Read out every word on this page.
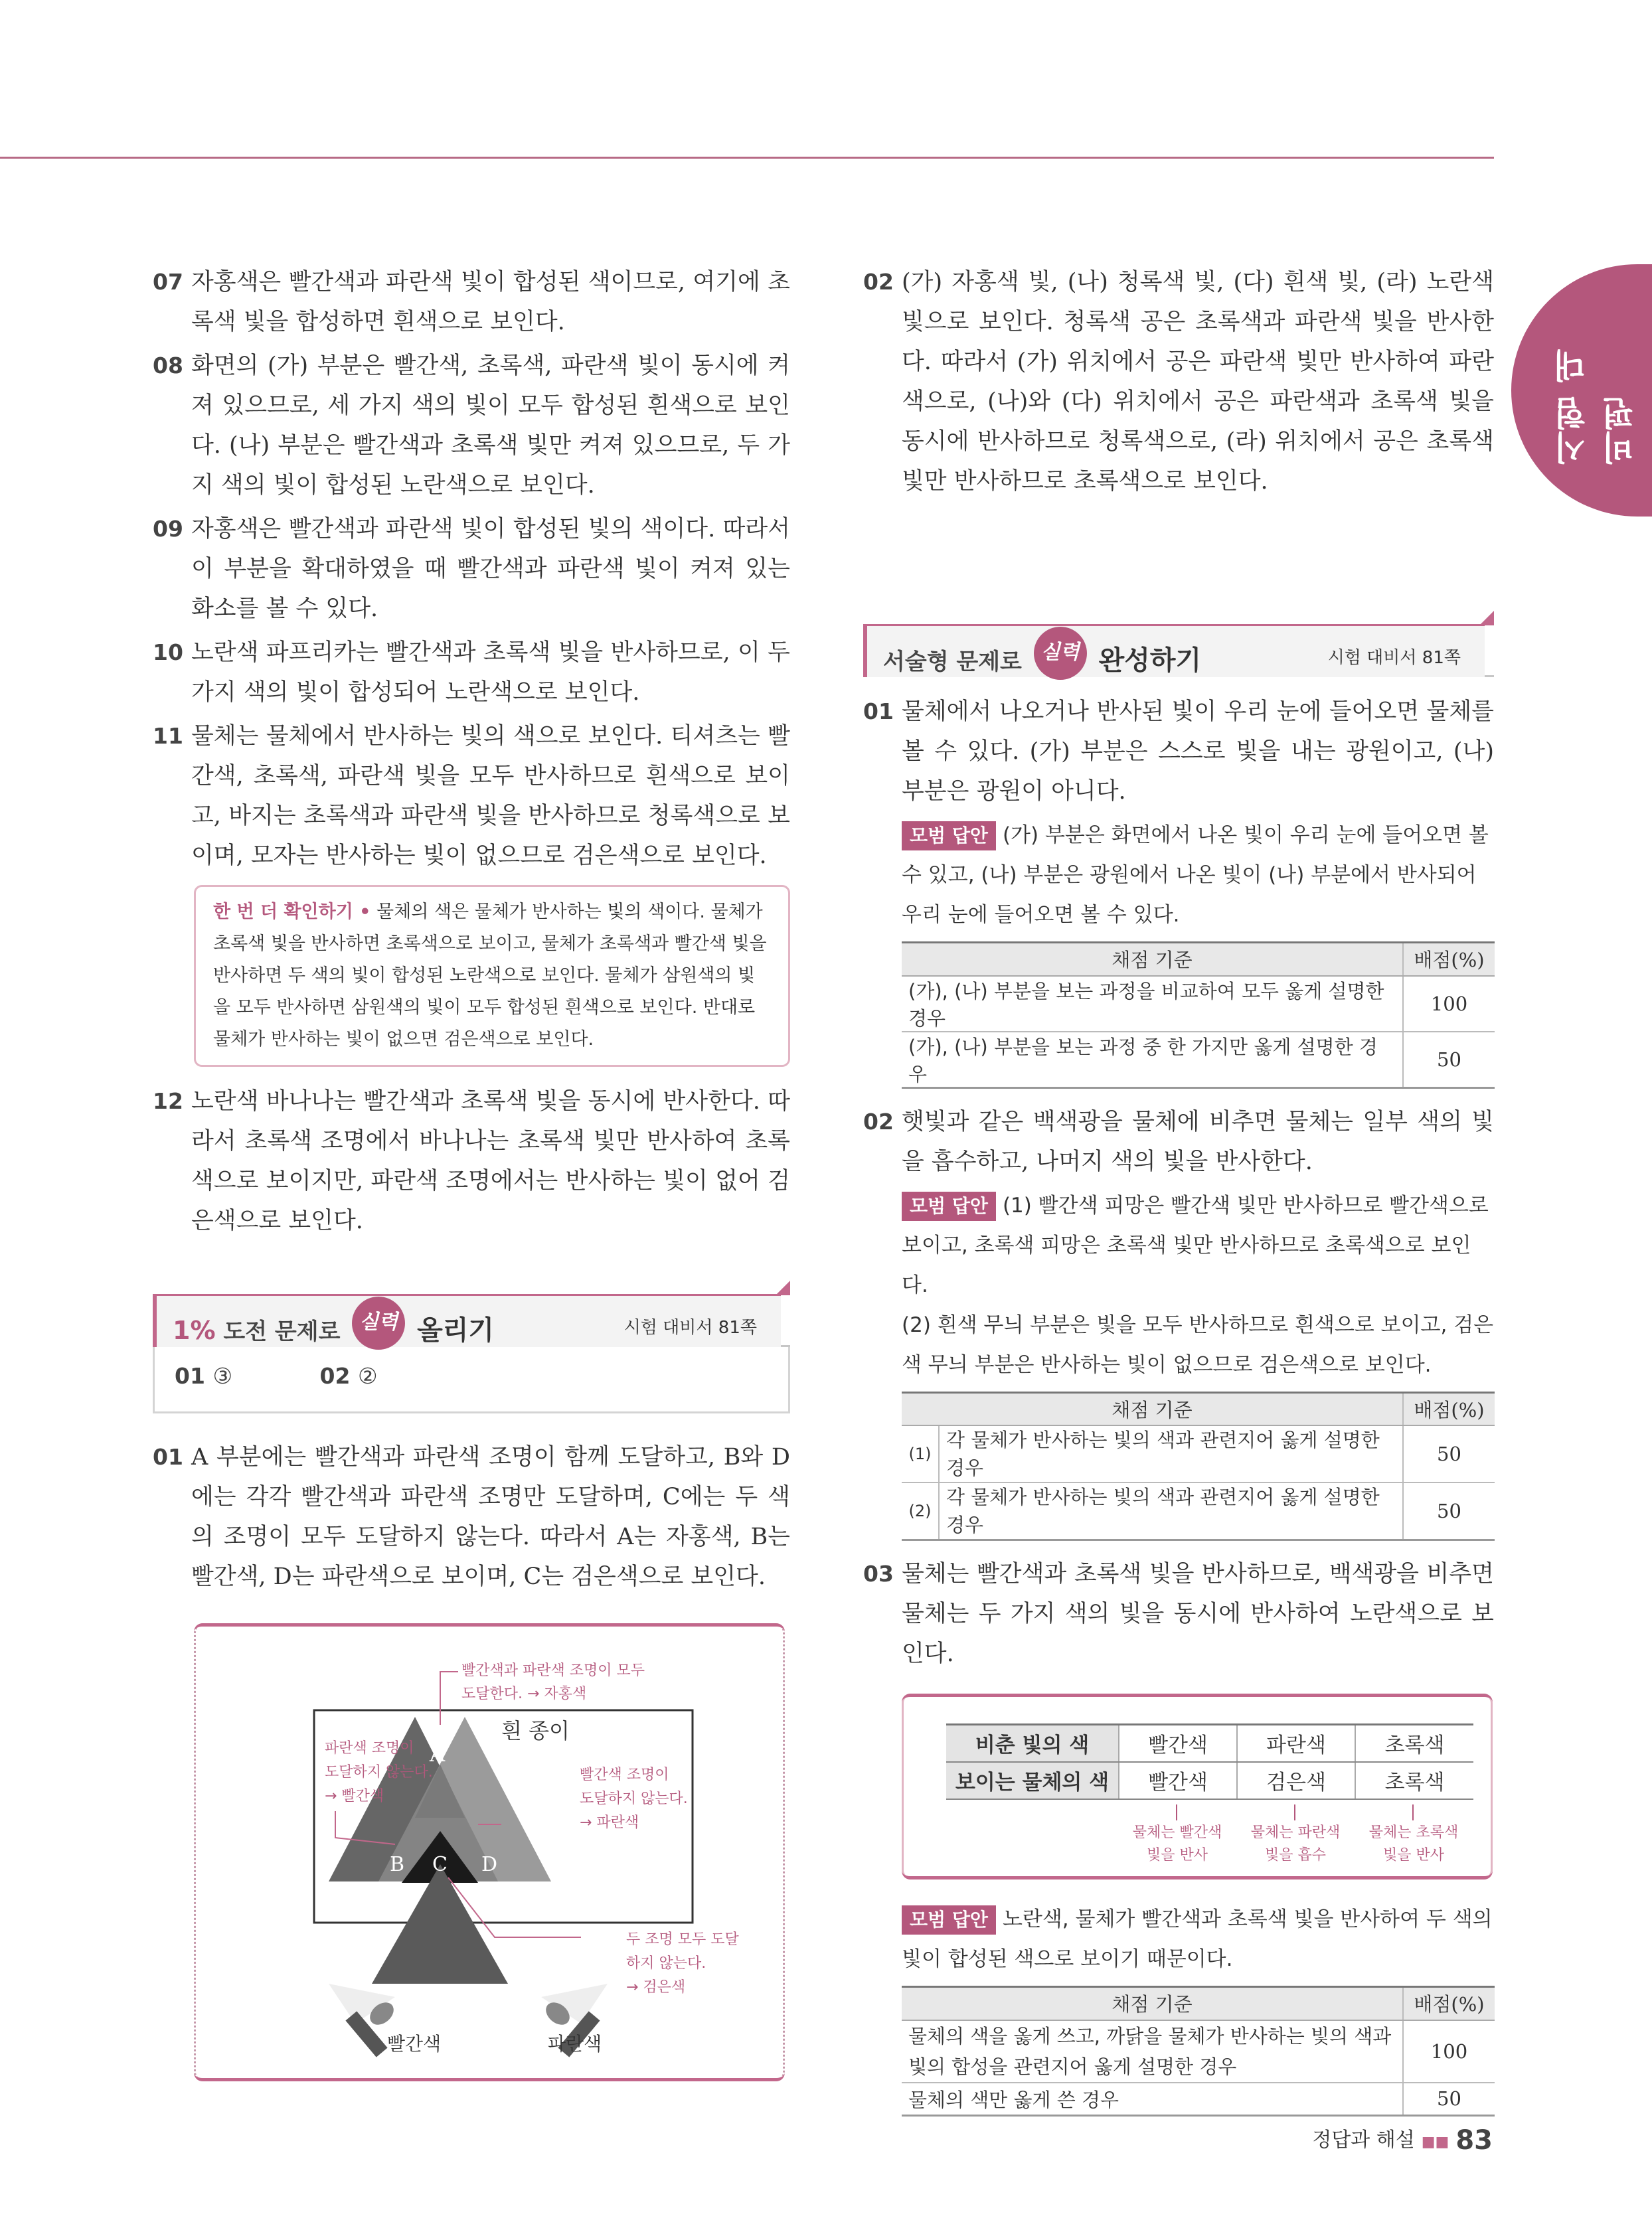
시험 대비편
07 자홍색은 빨간색과 파란색 빛이 합성된 색이므로, 여기에 초록색 빛을 합성하면 흰색으로 보인다.
08 화면의 (가) 부분은 빨간색, 초록색, 파란색 빛이 동시에 켜져 있으므로, 세 가지 색의 빛이 모두 합성된 흰색으로 보인다. (나) 부분은 빨간색과 초록색 빛만 켜져 있으므로, 두 가지 색의 빛이 합성된 노란색으로 보인다.
09 자홍색은 빨간색과 파란색 빛이 합성된 빛의 색이다. 따라서 이 부분을 확대하였을 때 빨간색과 파란색 빛이 켜져 있는 화소를 볼 수 있다.
10 노란색 파프리카는 빨간색과 초록색 빛을 반사하므로, 이 두 가지 색의 빛이 합성되어 노란색으로 보인다.
11 물체는 물체에서 반사하는 빛의 색으로 보인다. 티셔츠는 빨간색, 초록색, 파란색 빛을 모두 반사하므로 흰색으로 보이고, 바지는 초록색과 파란색 빛을 반사하므로 청록색으로 보이며, 모자는 반사하는 빛이 없으므로 검은색으로 보인다.
한 번 더 확인하기 • 물체의 색은 물체가 반사하는 빛의 색이다. 물체가 초록색 빛을 반사하면 초록색으로 보이고, 물체가 초록색과 빨간색 빛을 반사하면 두 색의 빛이 합성된 노란색으로 보인다. 물체가 삼원색의 빛을 모두 반사하면 삼원색의 빛이 모두 합성된 흰색으로 보인다. 반대로 물체가 반사하는 빛이 없으면 검은색으로 보인다.
12 노란색 바나나는 빨간색과 초록색 빛을 동시에 반사한다. 따라서 초록색 조명에서 바나나는 초록색 빛만 반사하여 초록색으로 보이지만, 파란색 조명에서는 반사하는 빛이 없어 검은색으로 보인다.
1% 도전 문제로 실력 올리기	시험 대비서 81쪽
01 ③	02 ②
01 A 부분에는 빨간색과 파란색 조명이 함께 도달하고, B와 D에는 각각 빨간색과 파란색 조명만 도달하며, C에는 두 색의 조명이 모두 도달하지 않는다. 따라서 A는 자홍색, B는 빨간색, D는 파란색으로 보이며, C는 검은색으로 보인다.
흰 종이
A
B C D
빨간색과 파란색 조명이 모두
도달한다. → 자홍색
파란색 조명이
도달하지 않는다.
→ 빨간색
빨간색 조명이
도달하지 않는다.
→ 파란색
두 조명 모두 도달
하지 않는다.
→ 검은색
빨간색	파란색
02 (가) 자홍색 빛, (나) 청록색 빛, (다) 흰색 빛, (라) 노란색 빛으로 보인다. 청록색 공은 초록색과 파란색 빛을 반사한다. 따라서 (가) 위치에서 공은 파란색 빛만 반사하여 파란색으로, (나)와 (다) 위치에서 공은 파란색과 초록색 빛을 동시에 반사하므로 청록색으로, (라) 위치에서 공은 초록색 빛만 반사하므로 초록색으로 보인다.
서술형 문제로 실력 완성하기	시험 대비서 81쪽
01 물체에서 나오거나 반사된 빛이 우리 눈에 들어오면 물체를 볼 수 있다. (가) 부분은 스스로 빛을 내는 광원이고, (나) 부분은 광원이 아니다.
모범 답안 (가) 부분은 화면에서 나온 빛이 우리 눈에 들어오면 볼 수 있고, (나) 부분은 광원에서 나온 빛이 (나) 부분에서 반사되어 우리 눈에 들어오면 볼 수 있다.
채점 기준	배점(%)
(가), (나) 부분을 보는 과정을 비교하여 모두 옳게 설명한 경우	100
(가), (나) 부분을 보는 과정 중 한 가지만 옳게 설명한 경우	50
02 햇빛과 같은 백색광을 물체에 비추면 물체는 일부 색의 빛을 흡수하고, 나머지 색의 빛을 반사한다.
모범 답안 (1) 빨간색 피망은 빨간색 빛만 반사하므로 빨간색으로 보이고, 초록색 피망은 초록색 빛만 반사하므로 초록색으로 보인다.
(2) 흰색 무늬 부분은 빛을 모두 반사하므로 흰색으로 보이고, 검은색 무늬 부분은 반사하는 빛이 없으므로 검은색으로 보인다.
채점 기준		배점(%)
(1)	각 물체가 반사하는 빛의 색과 관련지어 옳게 설명한 경우	50
(2)	각 물체가 반사하는 빛의 색과 관련지어 옳게 설명한 경우	50
03 물체는 빨간색과 초록색 빛을 반사하므로, 백색광을 비추면 물체는 두 가지 색의 빛을 동시에 반사하여 노란색으로 보인다.
비춘 빛의 색	빨간색	파란색	초록색
보이는 물체의 색	빨간색	검은색	초록색
물체는 빨간색
빛을 반사
물체는 파란색
빛을 흡수
물체는 초록색
빛을 반사
모범 답안 노란색, 물체가 빨간색과 초록색 빛을 반사하여 두 색의 빛이 합성된 색으로 보이기 때문이다.
채점 기준	배점(%)
물체의 색을 옳게 쓰고, 까닭을 물체가 반사하는 빛의 색과 빛의 합성을 관련지어 옳게 설명한 경우	100
물체의 색만 옳게 쓴 경우	50
정답과 해설 ■■ 83
